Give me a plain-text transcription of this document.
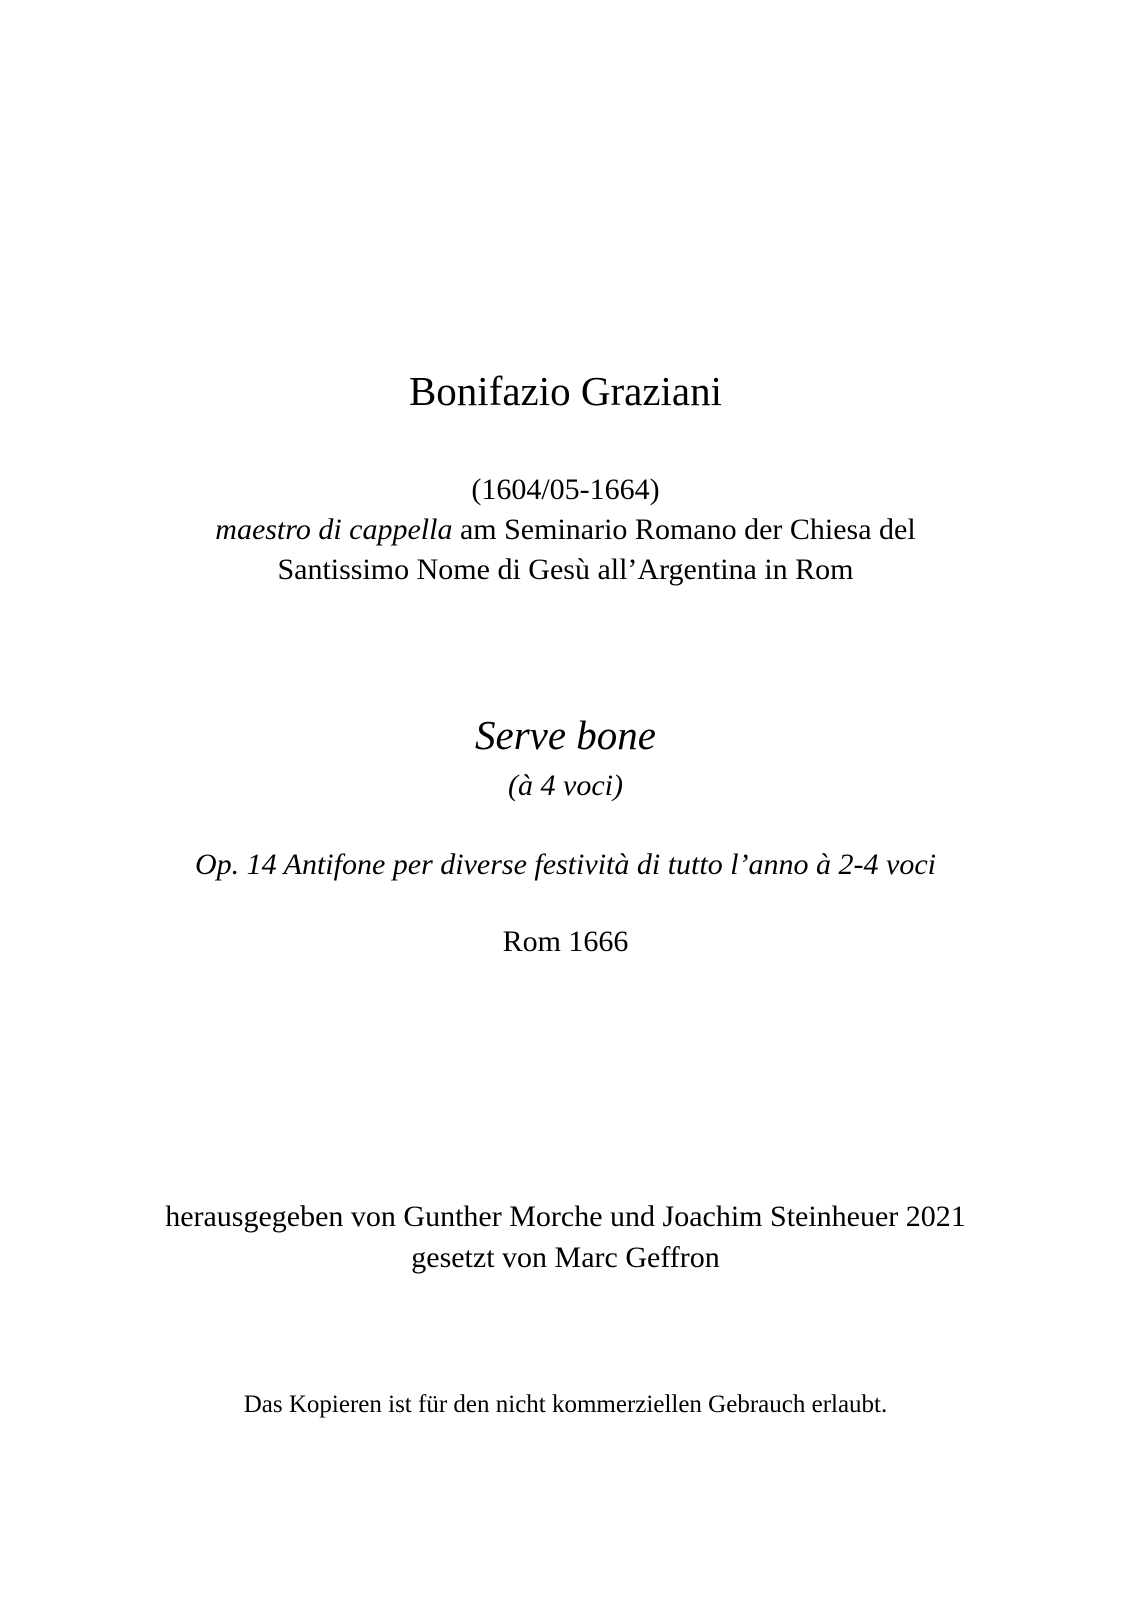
Bonifazio Graziani
(1604/05-1664)
maestro di cappella am Seminario Romano der Chiesa del
Santissimo Nome di Gesù all’Argentina in Rom
Serve bone
(à 4 voci)
Op. 14 Antifone per diverse festività di tutto l’anno à 2-4 voci
Rom 1666
herausgegeben von Gunther Morche und Joachim Steinheuer 2021
gesetzt von Marc Geffron
Das Kopieren ist für den nicht kommerziellen Gebrauch erlaubt.
